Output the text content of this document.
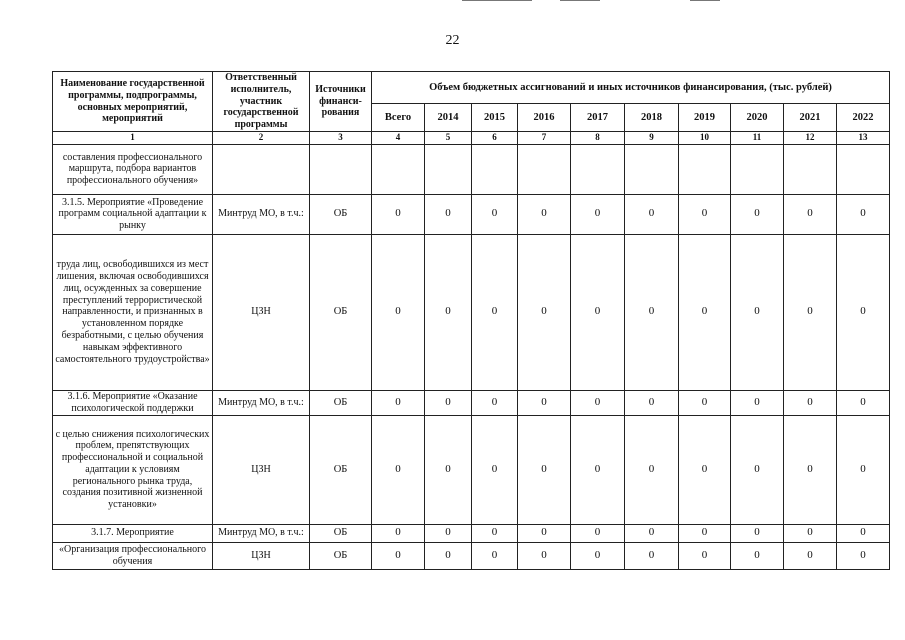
22
Наименование государственной программы, подпрограммы, основных мероприятий, мероприятий	Ответственный исполнитель, участник государственной программы	Источники финанси-рования	Объем бюджетных ассигнований и иных источников финансирования, (тыс. рублей)									
			Всего	2014	2015	2016	2017	2018	2019	2020	2021	2022
1	2	3	4	5	6	7	8	9	10	11	12	13
составления профессионального маршрута, подбора вариантов профессионального обучения»												
3.1.5. Мероприятие «Проведение программ социальной адаптации к рынку	Минтруд МО, в т.ч.:	ОБ	0	0	0	0	0	0	0	0	0	0
труда лиц, освободившихся из мест лишения, включая освободившихся лиц, осужденных за совершение преступлений террористической направленности, и признанных в установленном порядке безработными, с целью обучения навыкам эффективного самостоятельного трудоустройства»	ЦЗН	ОБ	0	0	0	0	0	0	0	0	0	0
3.1.6. Мероприятие «Оказание психологической поддержки	Минтруд МО, в т.ч.:	ОБ	0	0	0	0	0	0	0	0	0	0
с целью снижения психологических проблем, препятствующих профессиональной и социальной адаптации к условиям регионального рынка труда, создания позитивной жизненной установки»	ЦЗН	ОБ	0	0	0	0	0	0	0	0	0	0
3.1.7. Мероприятие	Минтруд МО, в т.ч.:	ОБ	0	0	0	0	0	0	0	0	0	0
«Организация профессионального обучения	ЦЗН	ОБ	0	0	0	0	0	0	0	0	0	0
